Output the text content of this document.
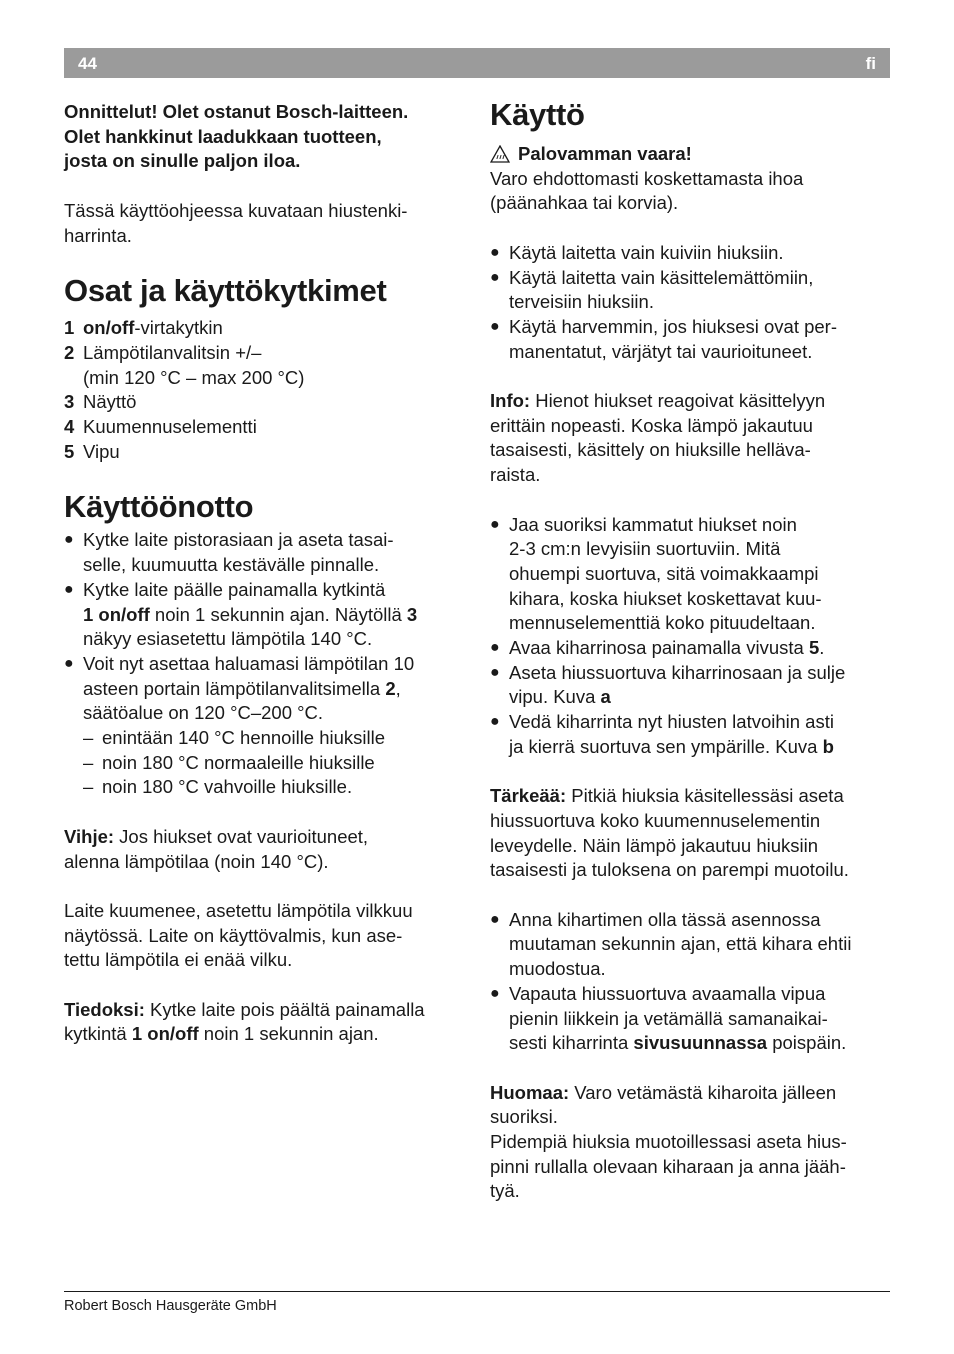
44	fi

Onnittelut! Olet ostanut Bosch-laitteen.

Olet hankkinut laadukkaan tuotteen,

josta on sinulle paljon iloa.

Tässä käyttöohjeessa kuvataan hiustenki-

harrinta.

Osat ja käyttökytkimet
1 on/off-virtakytkin
2 Lämpötilanvalitsin +/–
(min 120 °C – max 200 °C)
3 Näyttö
4 Kuumennuselementti
5 Vipu
Käyttöönotto
● Kytke laite pistorasiaan ja aseta tasai-
selle, kuumuutta kestävälle pinnalle.
● Kytke laite päälle painamalla kytkintä
1 on/off noin 1 sekunnin ajan. Näytöllä 3
näkyy esiasetettu lämpötila 140 °C.
● Voit nyt asettaa haluamasi lämpötilan 10
asteen portain lämpötilanvalitsimella 2,
säätöalue on 120 °C–200 °C.
– enintään 140 °C hennoille hiuksille
– noin 180 °C normaaleille hiuksille
– noin 180 °C vahvoille hiuksille.

Vihje: Jos hiukset ovat vaurioituneet,

alenna lämpötilaa (noin 140 °C).

Laite kuumenee, asetettu lämpötila vilkkuu

näytössä. Laite on käyttövalmis, kun ase-

tettu lämpötila ei enää vilku.

Tiedoksi: Kytke laite pois päältä painamalla

kytkintä 1 on/off noin 1 sekunnin ajan.

Käyttö
Palovamman vaara!

Varo ehdottomasti koskettamasta ihoa

(päänahkaa tai korvia).

● Käytä laitetta vain kuiviin hiuksiin.
● Käytä laitetta vain käsittelemättömiin,
terveisiin hiuksiin.
● Käytä harvemmin, jos hiuksesi ovat per-
manentatut, värjätyt tai vaurioituneet.

Info: Hienot hiukset reagoivat käsittelyyn

erittäin nopeasti. Koska lämpö jakautuu

tasaisesti, käsittely on hiuksille helläva-

raista.

● Jaa suoriksi kammatut hiukset noin
2-3 cm:n levyisiin suortuviin. Mitä
ohuempi suortuva, sitä voimakkaampi
kihara, koska hiukset koskettavat kuu-
mennuselementtiä koko pituudeltaan.
● Avaa kiharrinosa painamalla vivusta 5.
● Aseta hiussuortuva kiharrinosaan ja sulje
vipu. Kuva a
● Vedä kiharrinta nyt hiusten latvoihin asti
ja kierrä suortuva sen ympärille. Kuva b

Tärkeää: Pitkiä hiuksia käsitellessäsi aseta

hiussuortuva koko kuumennuselementin

leveydelle. Näin lämpö jakautuu hiuksiin

tasaisesti ja tuloksena on parempi muotoilu.

● Anna kihartimen olla tässä asennossa
muutaman sekunnin ajan, että kihara ehtii
muodostua.
● Vapauta hiussuortuva avaamalla vipua
pienin liikkein ja vetämällä samanaikai-
sesti kiharrinta sivusuunnassa poispäin.

Huomaa: Varo vetämästä kiharoita jälleen

suoriksi.

Pidempiä hiuksia muotoillessasi aseta hius-

pinni rullalla olevaan kiharaan ja anna jääh-

tyä.

Robert Bosch Hausgeräte GmbH
